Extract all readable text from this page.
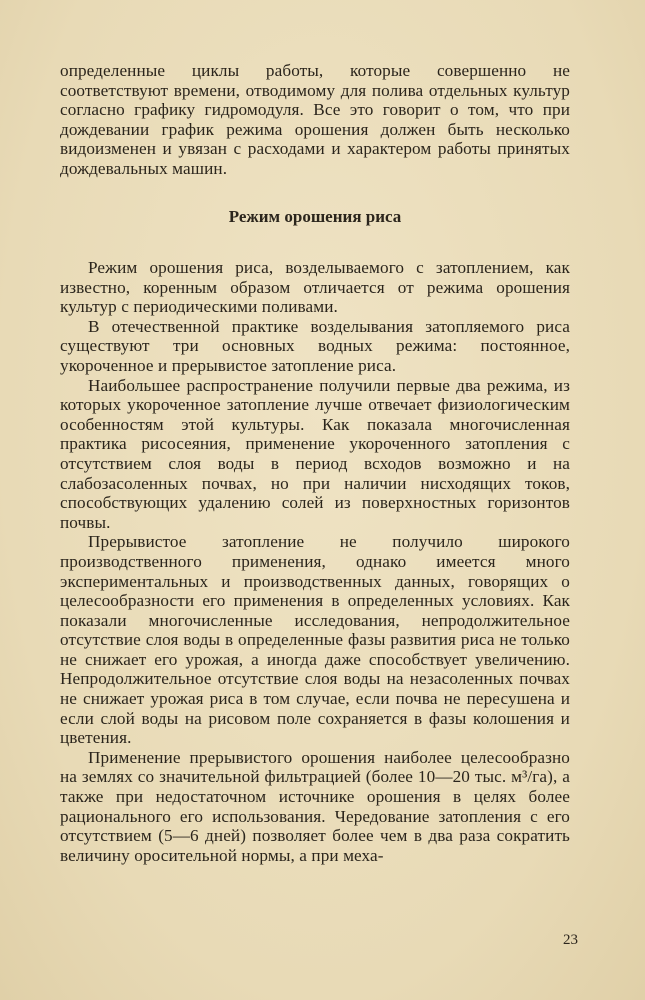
определенные циклы работы, которые совершенно не соответствуют времени, отводимому для полива отдельных культур согласно графику гидромодуля. Все это говорит о том, что при дождевании график режима орошения должен быть несколько видоизменен и увязан с расходами и характером работы принятых дождевальных машин.

Режим орошения риса

Режим орошения риса, возделываемого с затоплением, как известно, коренным образом отличается от режима орошения культур с периодическими поливами.

В отечественной практике возделывания затопляемого риса существуют три основных водных режима: постоянное, укороченное и прерывистое затопление риса.

Наибольшее распространение получили первые два режима, из которых укороченное затопление лучше отвечает физиологическим особенностям этой культуры. Как показала многочисленная практика рисосеяния, применение укороченного затопления с отсутствием слоя воды в период всходов возможно и на слабозасоленных почвах, но при наличии нисходящих токов, способствующих удалению солей из поверхностных горизонтов почвы.

Прерывистое затопление не получило широкого производственного применения, однако имеется много экспериментальных и производственных данных, говорящих о целесообразности его применения в определенных условиях. Как показали многочисленные исследования, непродолжительное отсутствие слоя воды в определенные фазы развития риса не только не снижает его урожая, а иногда даже способствует увеличению. Непродолжительное отсутствие слоя воды на незасоленных почвах не снижает урожая риса в том случае, если почва не пересушена и если слой воды на рисовом поле сохраняется в фазы колошения и цветения.

Применение прерывистого орошения наиболее целесообразно на землях со значительной фильтрацией (более 10—20 тыс. м³/га), а также при недостаточном источнике орошения в целях более рационального его использования. Чередование затопления с его отсутствием (5—6 дней) позволяет более чем в два раза сократить величину оросительной нормы, а при меха-

23
